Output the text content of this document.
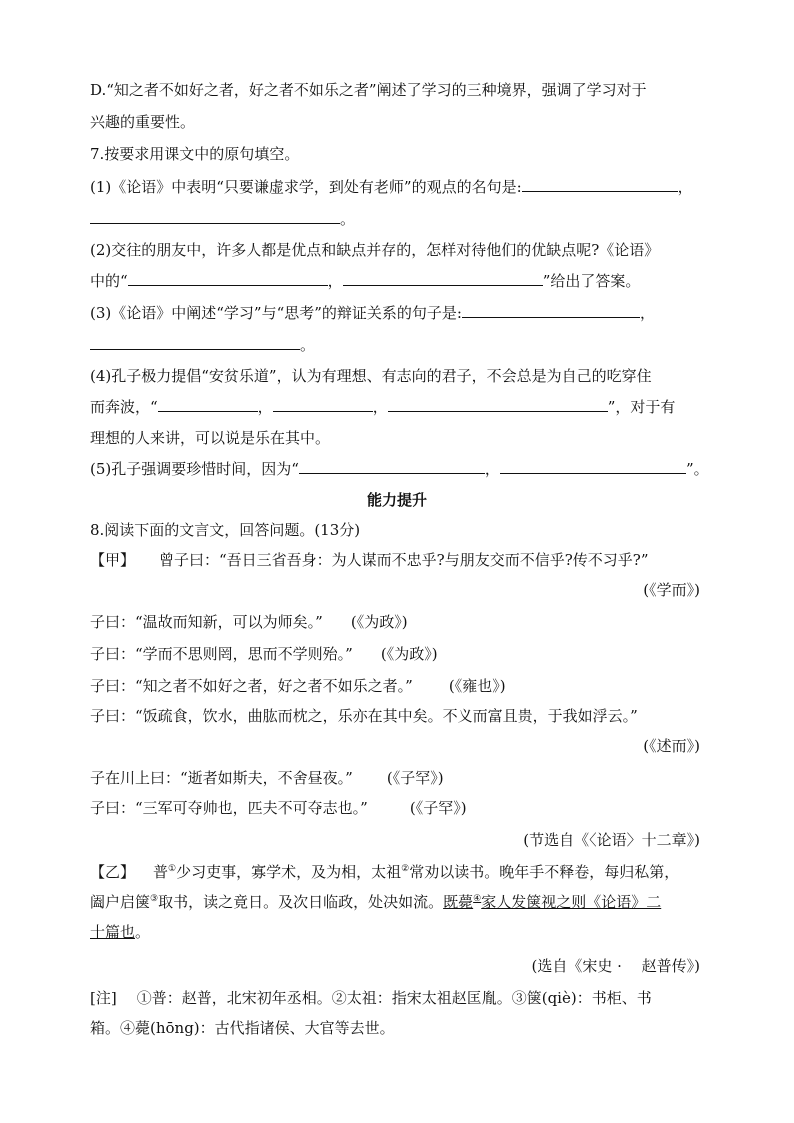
D.“知之者不如好之者，好之者不如乐之者”阐述了学习的三种境界，强调了学习对于
兴趣的重要性。
7.按要求用课文中的原句填空。
(1)《论语》中表明“只要谦虚求学，到处有老师”的观点的名句是:	，
。
(2)交往的朋友中，许多人都是优点和缺点并存的，怎样对待他们的优缺点呢?《论语》
中的“	，	”给出了答案。
(3)《论语》中阐述“学习”与“思考”的辩证关系的句子是:	，
。
(4)孔子极力提倡“安贫乐道”，认为有理想、有志向的君子，不会总是为自己的吃穿住
而奔波，“	，	，	”，对于有
理想的人来讲，可以说是乐在其中。
(5)孔子强调要珍惜时间，因为“	，	”。
能力提升
8.阅读下面的文言文，回答问题。(13分)
【甲】 曾子曰：“吾日三省吾身：为人谋而不忠乎?与朋友交而不信乎?传不习乎?”
(《学而》)
子曰：“温故而知新，可以为师矣。” (《为政》)
子曰：“学而不思则罔，思而不学则殆。” (《为政》)
子曰：“知之者不如好之者，好之者不如乐之者。” (《雍也》)
子曰：“饭疏食，饮水，曲肱而枕之，乐亦在其中矣。不义而富且贵，于我如浮云。”
(《述而》)
子在川上曰：“逝者如斯夫，不舍昼夜。” (《子罕》)
子曰：“三军可夺帅也，匹夫不可夺志也。”	(《子罕》)
(节选自《〈论语〉十二章》)
【乙】 普①少习吏事，寡学术，及为相，太祖②常劝以读书。晚年手不释卷，每归私第，
阖户启箧③取书，读之竟日。及次日临政，处决如流。既薨④家人发箧视之则《论语》二
十篇也。
(选自《宋史 · 　赵普传》)
[注] ①普：赵普，北宋初年丞相。②太祖：指宋太祖赵匡胤。③箧(qiè)：书柜、书
箱。④薨(hōng)：古代指诸侯、大官等去世。
